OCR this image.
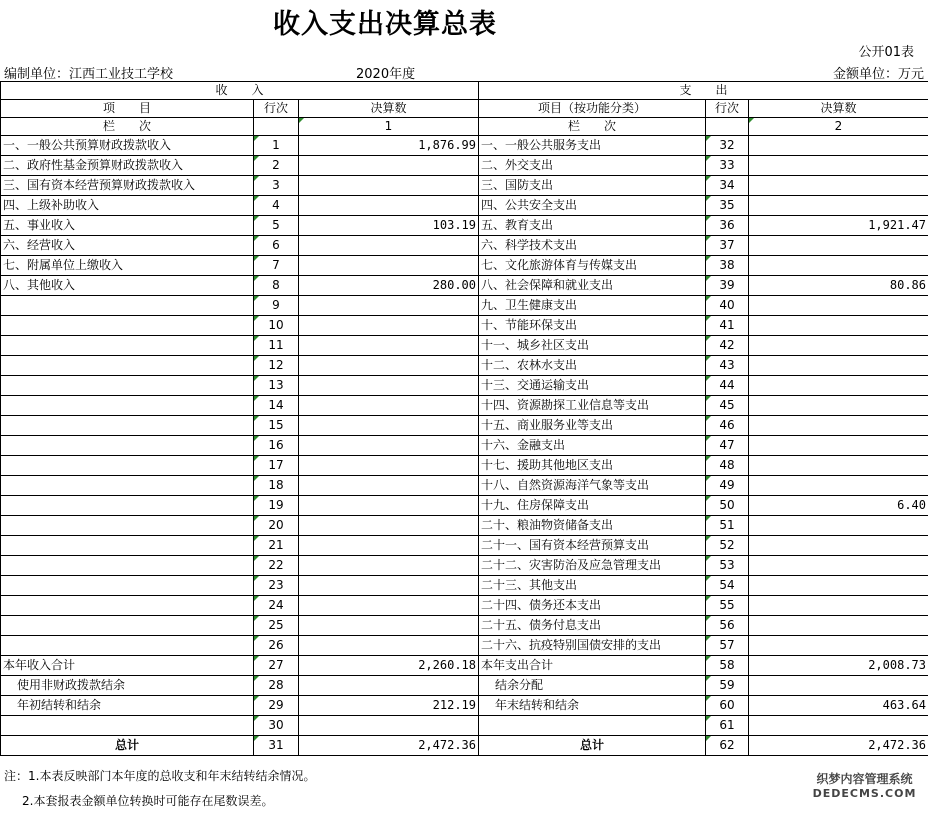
收入支出决算总表
公开01表
编制单位：江西工业技工学校	2020年度	金额单位：万元
收　　入			支　　出		
项　　目	行次	决算数	项目（按功能分类）	行次	决算数
栏　　次		1	栏　　次		2
一、一般公共预算财政拨款收入	1	1,876.99	一、一般公共服务支出	32	
二、政府性基金预算财政拨款收入	2		二、外交支出	33	
三、国有资本经营预算财政拨款收入	3		三、国防支出	34	
四、上级补助收入	4		四、公共安全支出	35	
五、事业收入	5	103.19	五、教育支出	36	1,921.47
六、经营收入	6		六、科学技术支出	37	
七、附属单位上缴收入	7		七、文化旅游体育与传媒支出	38	
八、其他收入	8	280.00	八、社会保障和就业支出	39	80.86
	9		九、卫生健康支出	40	
	10		十、节能环保支出	41	
	11		十一、城乡社区支出	42	
	12		十二、农林水支出	43	
	13		十三、交通运输支出	44	
	14		十四、资源勘探工业信息等支出	45	
	15		十五、商业服务业等支出	46	
	16		十六、金融支出	47	
	17		十七、援助其他地区支出	48	
	18		十八、自然资源海洋气象等支出	49	
	19		十九、住房保障支出	50	6.40
	20		二十、粮油物资储备支出	51	
	21		二十一、国有资本经营预算支出	52	
	22		二十二、灾害防治及应急管理支出	53	
	23		二十三、其他支出	54	
	24		二十四、债务还本支出	55	
	25		二十五、债务付息支出	56	
	26		二十六、抗疫特别国债安排的支出	57	
本年收入合计	27	2,260.18	本年支出合计	58	2,008.73
使用非财政拨款结余	28		结余分配	59	
年初结转和结余	29	212.19	年末结转和结余	60	463.64
	30			61	
总计	31	2,472.36	总计	62	2,472.36
注：1.本表反映部门本年度的总收支和年末结转结余情况。
2.本套报表金额单位转换时可能存在尾数误差。
织梦内容管理系统
DEDECMS.COM
